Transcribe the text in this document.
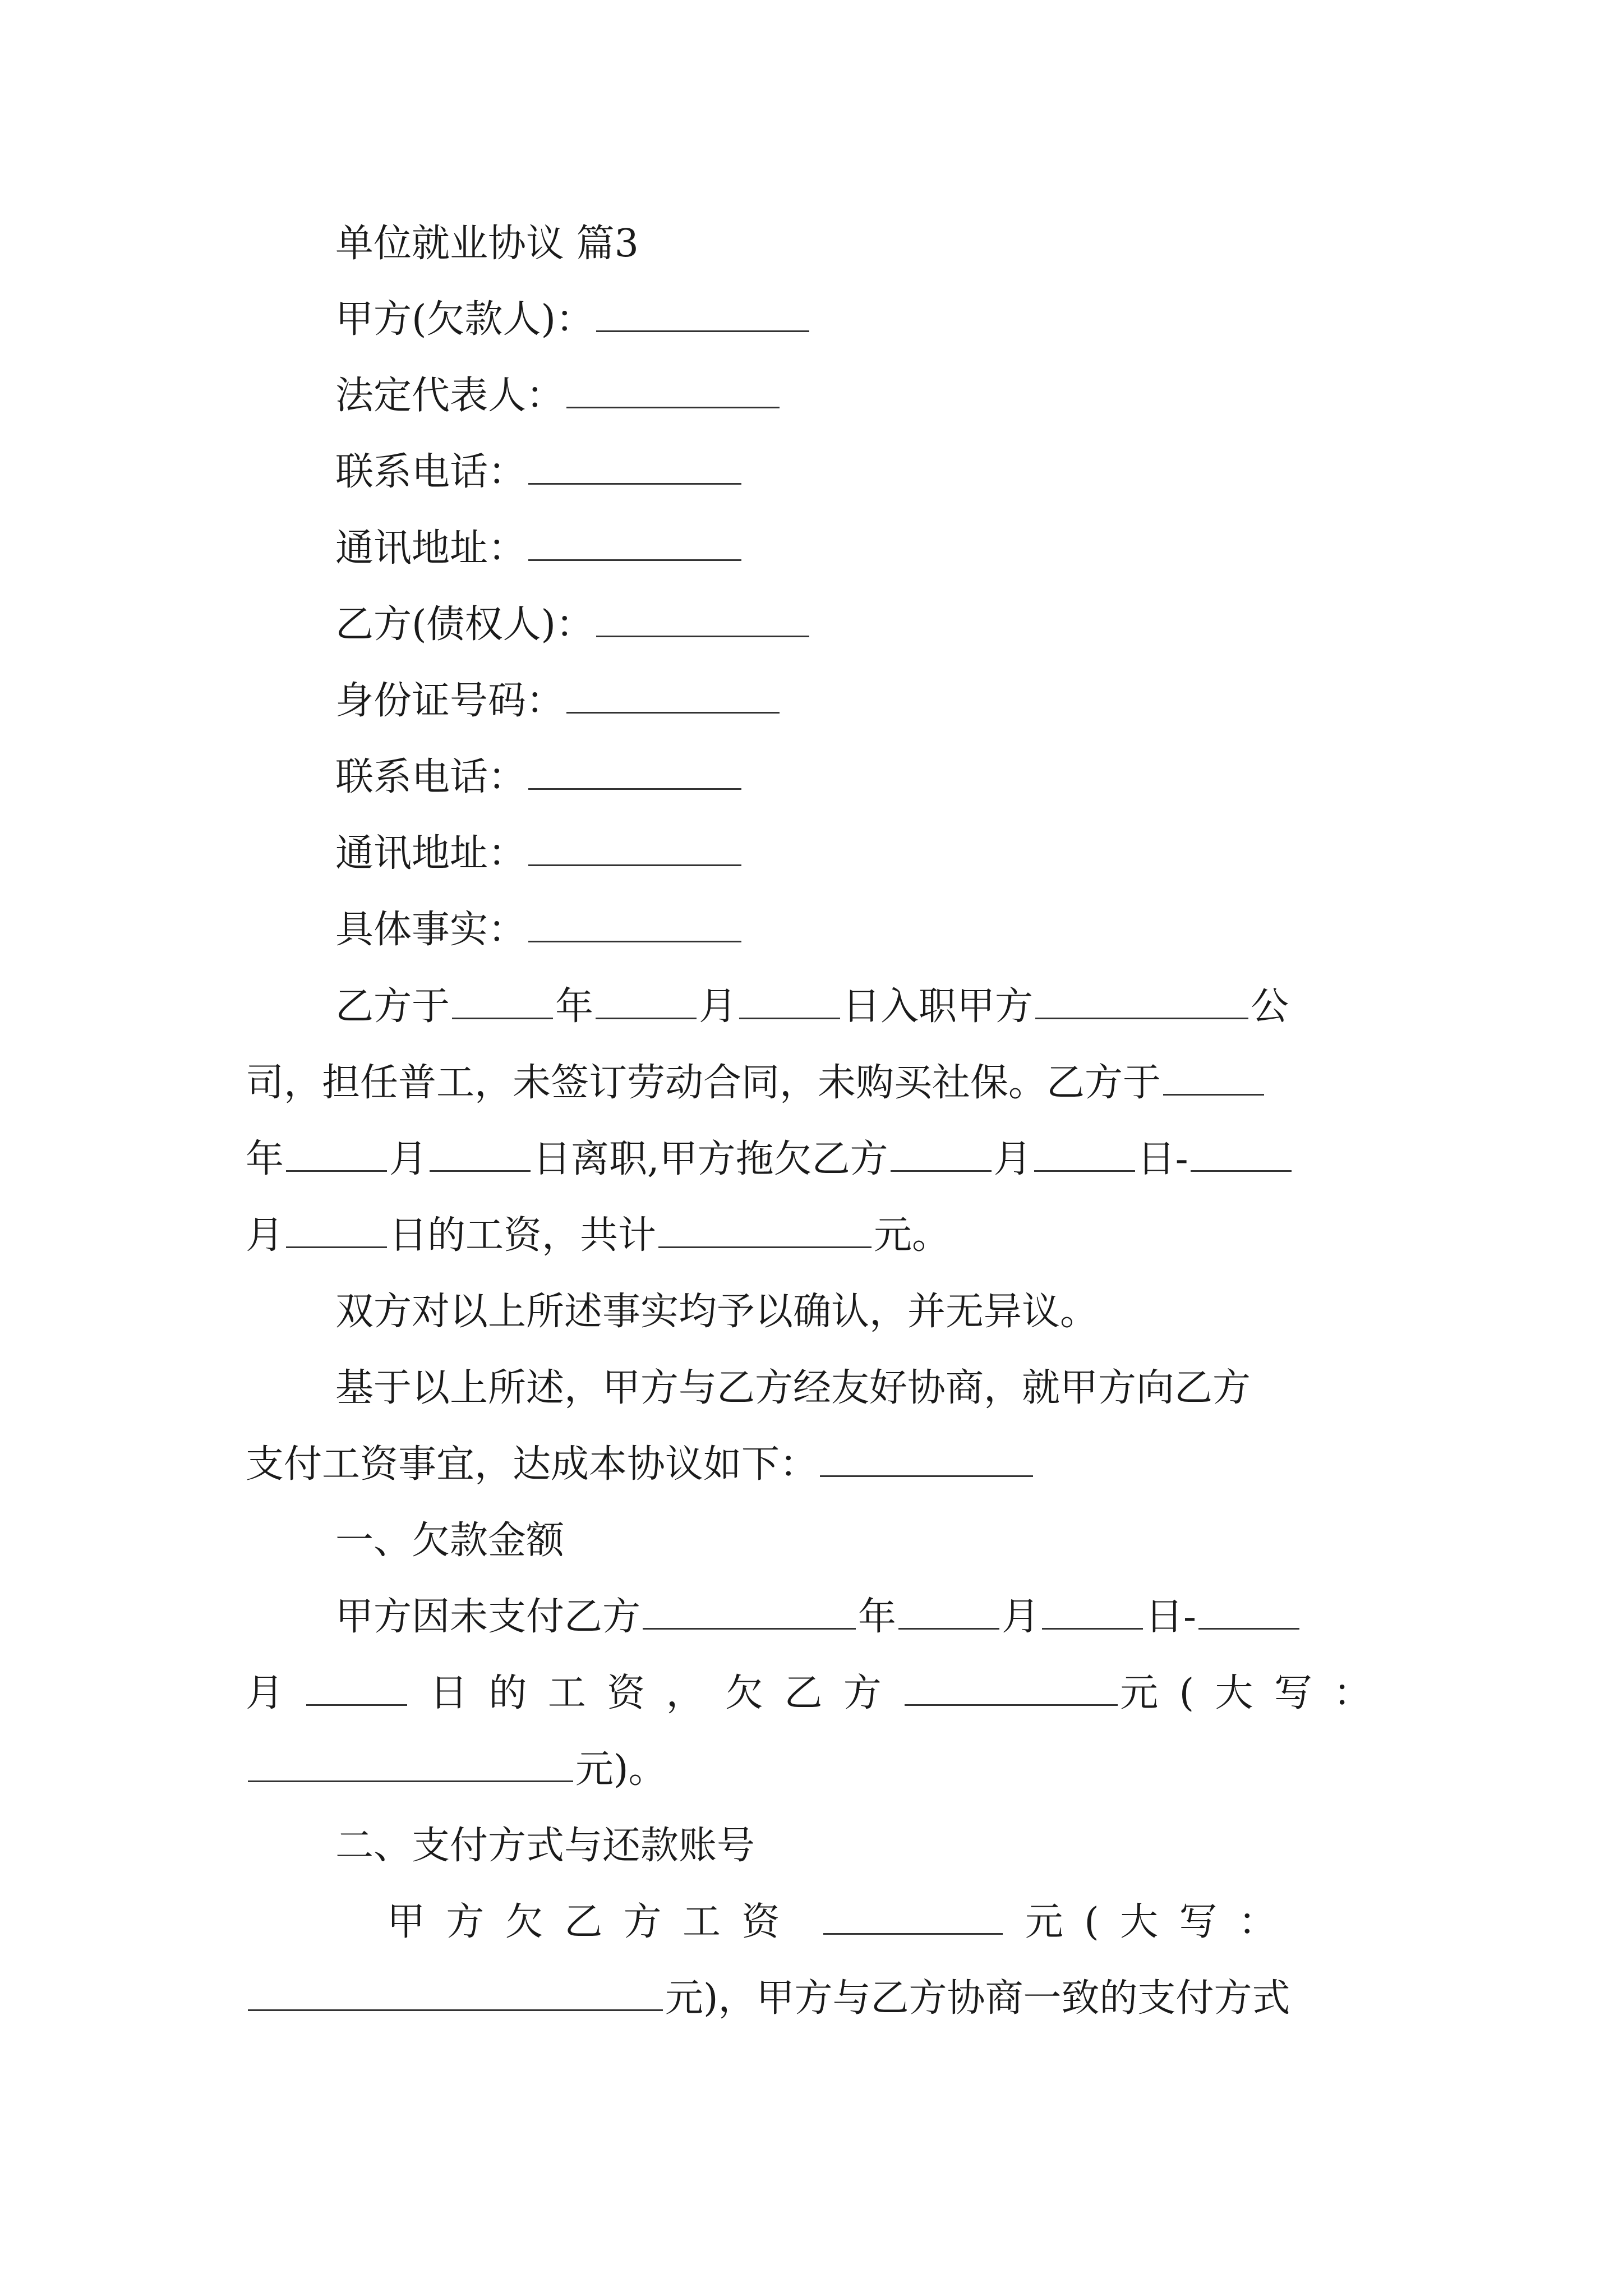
单位就业协议 篇3
甲方(欠款人)：
法定代表人：
联系电话：
通讯地址：
乙方(债权人)：
身份证号码：
联系电话：
通讯地址：
具体事实：
乙方于	年	月	日入职甲方	公
司，担任普工，未签订劳动合同，未购买社保。乙方于
年	月	日离职,甲方拖欠乙方	月	日-
月	日的工资，共计	元。
双方对以上所述事实均予以确认，并无异议。
基于以上所述，甲方与乙方经友好协商，就甲方向乙方
支付工资事宜，达成本协议如下：
一、欠款金额
甲方因未支付乙方	年	月	日-
月	日的工资，欠乙方	元(大写：
元)。
二、支付方式与还款账号
甲方欠乙方工资	元(大写：
元)，甲方与乙方协商一致的支付方式
